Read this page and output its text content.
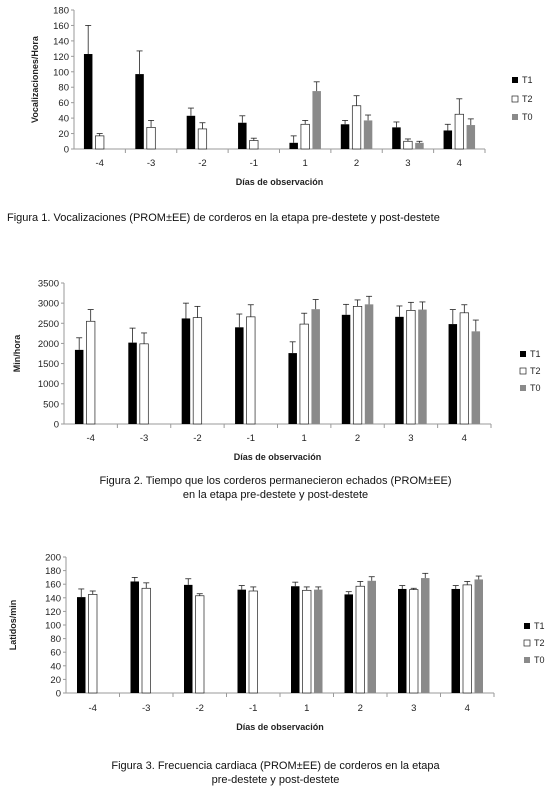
0
20
40
60
80
100
120
140
160
180
-4	-3	-2	-1	1	2	3	4
Vocalizaciones/Hora
Días de observación
T1
T2
T0
Figura 1. Vocalizaciones (PROM±EE) de corderos en la etapa pre-destete y post-destete
0
500
1000
1500
2000
2500
3000
3500
-4	-3	-2	-1	1	2	3	4
Min/hora
Días de observación
T1
T2
T0
Figura 2. Tiempo que los corderos permanecieron echados (PROM±EE)
en la etapa pre-destete y post-destete
0
20
40
60
80
100
120
140
160
180
200
-4	-3	-2	-1	1	2	3	4
Latidos/min
Días de observación
T1
T2
T0
Figura 3. Frecuencia cardiaca (PROM±EE) de corderos en la etapa
pre-destete y post-destete
